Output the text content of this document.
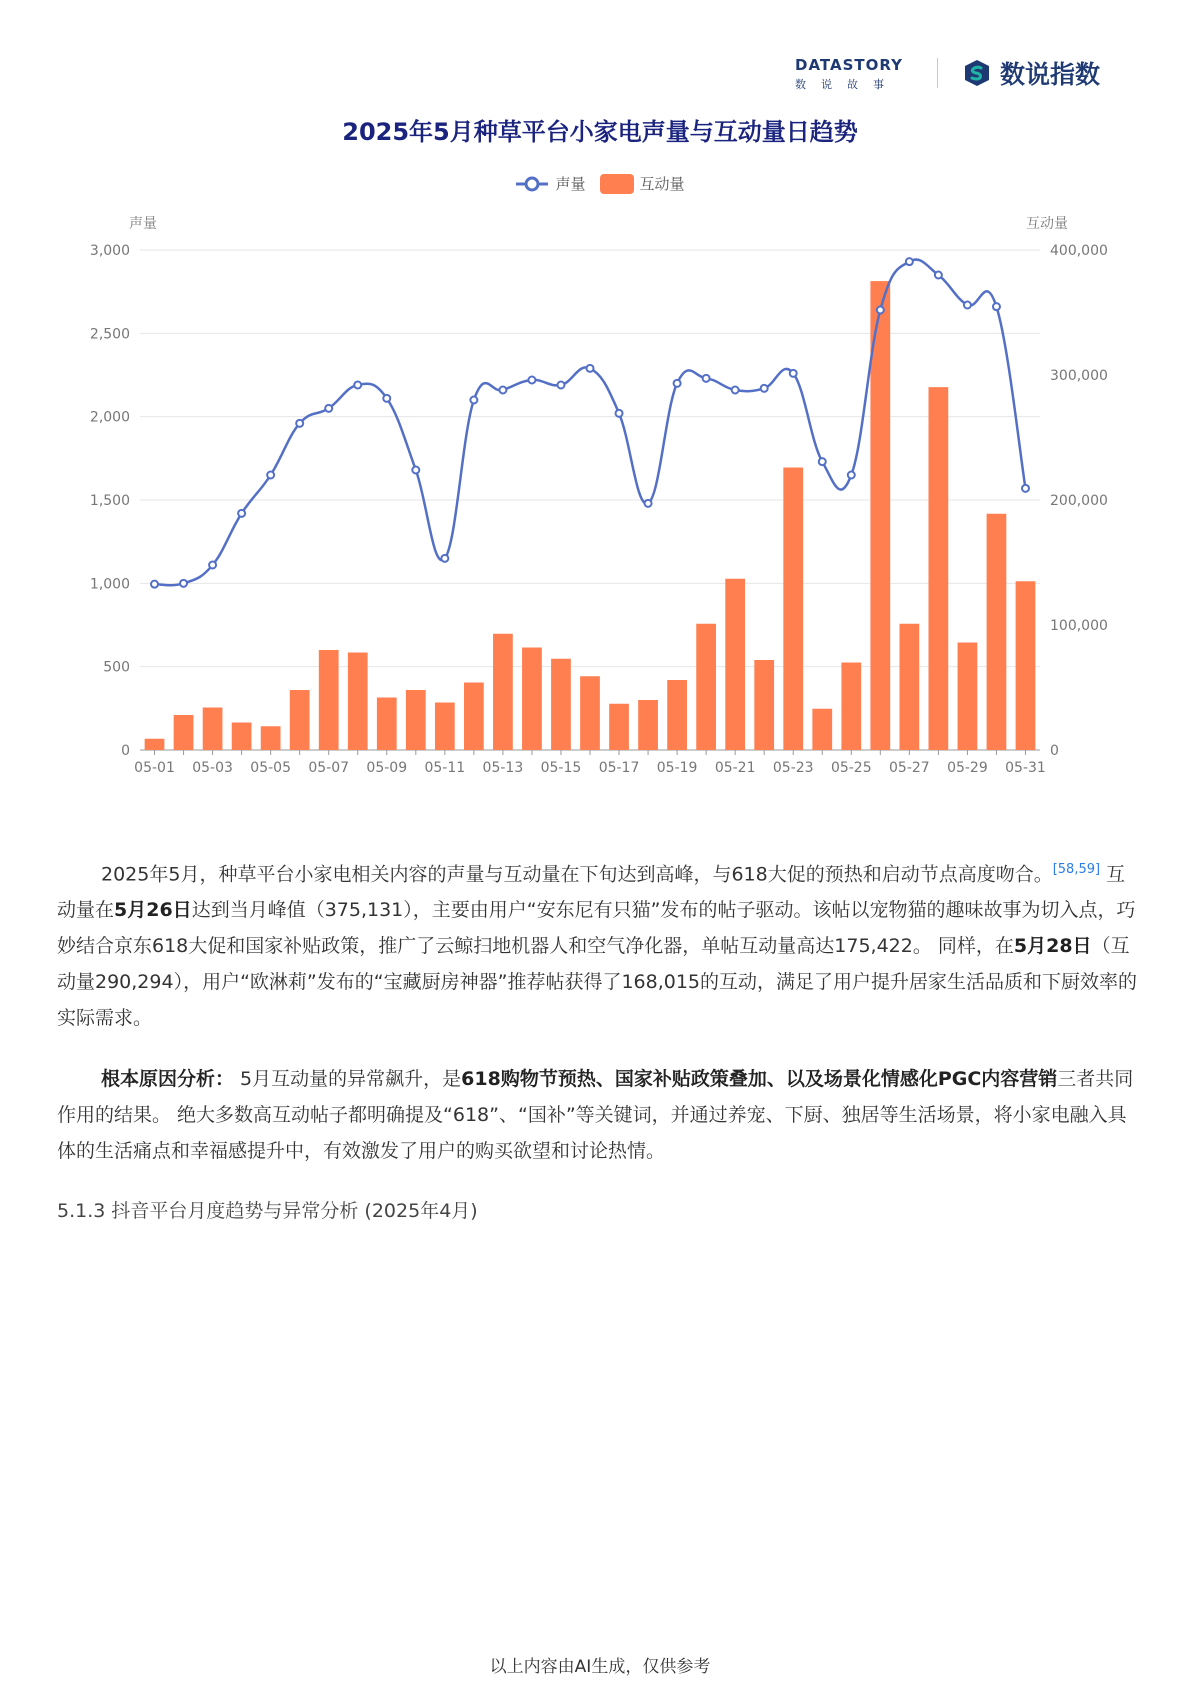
DATASTORY
数说故事	数说指数
2025年5月种草平台小家电声量与互动量日趋势
声量	互动量
0
500
1,000
1,500
2,000
2,500
3,000
0
100,000
200,000
300,000
400,000
05-01 05-03 05-05 05-07 05-09 05-11 05-13 05-15 05-17 05-19 05-21 05-23 05-25 05-27 05-29 05-31
声量	互动量
2025年5月，种草平台小家电相关内容的声量与互动量在下旬达到高峰，与618大促的预热和启动节点高度吻合。[58,59] 互动量在5月26日达到当月峰值（375,131），主要由用户“安东尼有只猫”发布的帖子驱动。该帖以宠物猫的趣味故事为切入点，巧妙结合京东618大促和国家补贴政策，推广了云鲸扫地机器人和空气净化器，单帖互动量高达175,422。 同样，在5月28日（互动量290,294），用户“欧淋莉”发布的“宝藏厨房神器”推荐帖获得了168,015的互动，满足了用户提升居家生活品质和下厨效率的实际需求。
根本原因分析： 5月互动量的异常飙升，是618购物节预热、国家补贴政策叠加、以及场景化情感化PGC内容营销三者共同作用的结果。 绝大多数高互动帖子都明确提及“618”、“国补”等关键词，并通过养宠、下厨、独居等生活场景，将小家电融入具体的生活痛点和幸福感提升中，有效激发了用户的购买欲望和讨论热情。
5.1.3 抖音平台月度趋势与异常分析 (2025年4月)
以上内容由AI生成，仅供参考
